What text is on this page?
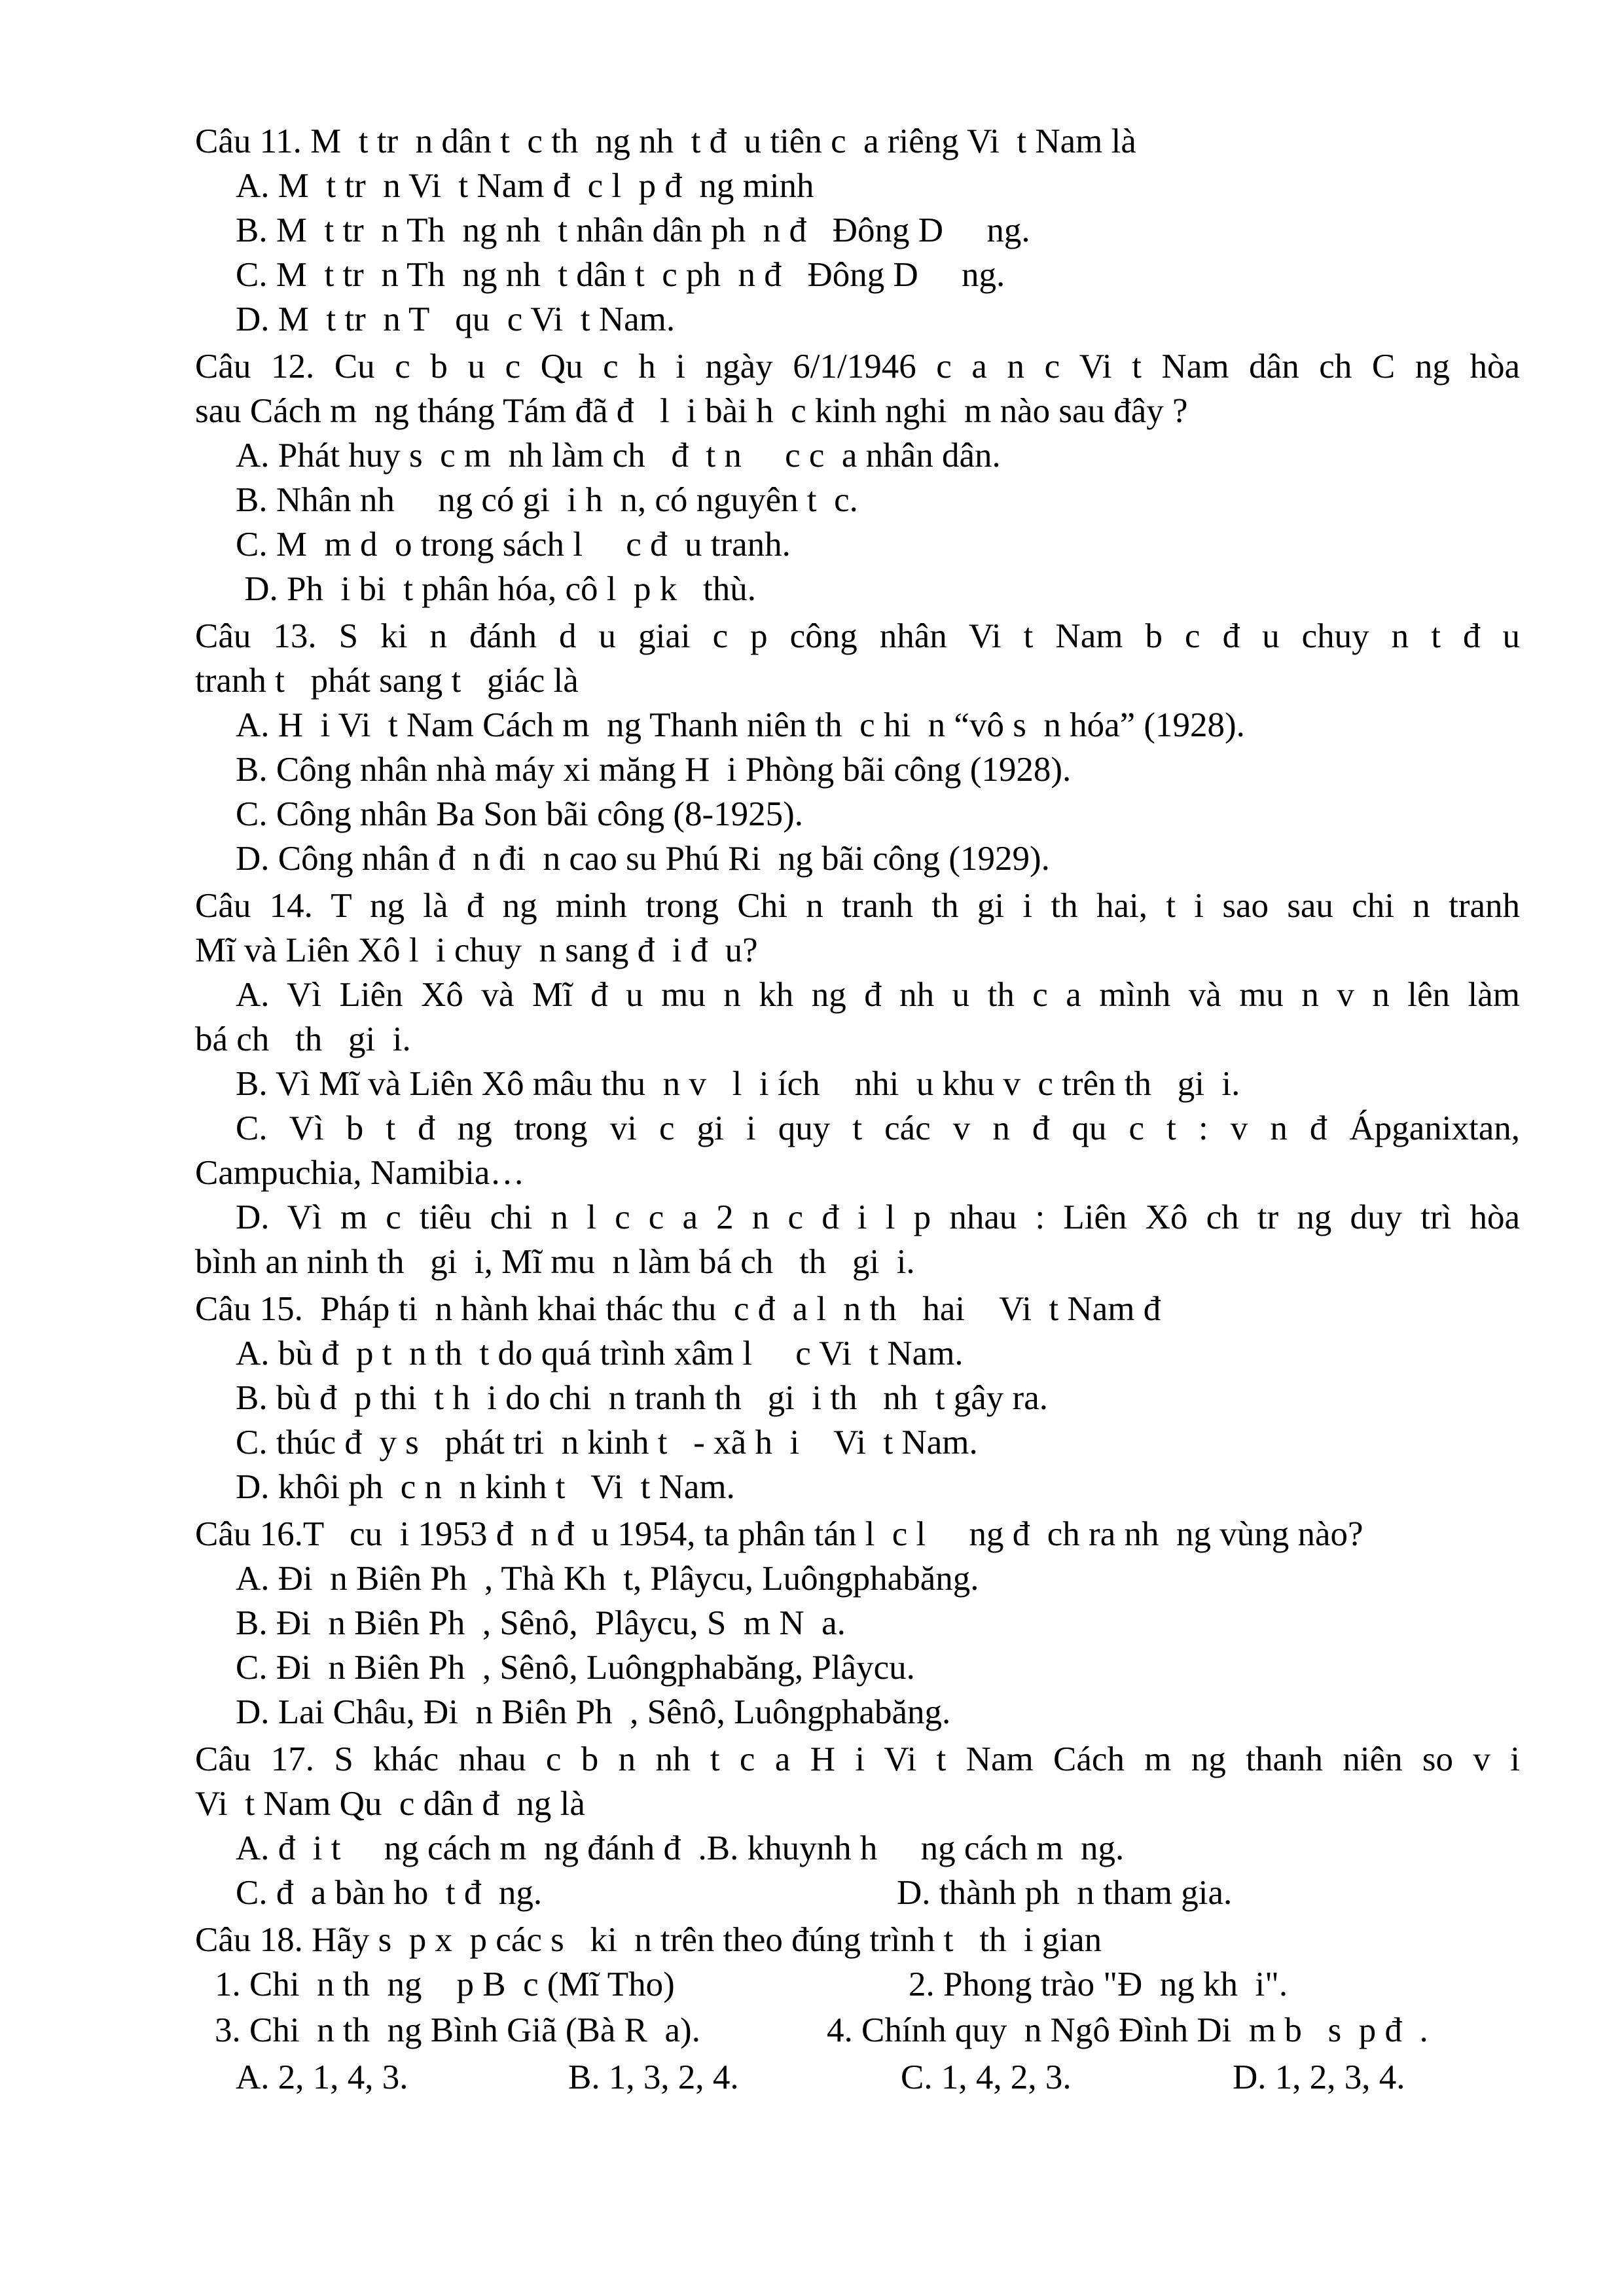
Câu 11. M  t tr  n dân t  c th  ng nh  t đ  u tiên c  a riêng Vi  t Nam là
A. M  t tr  n Vi  t Nam đ  c l  p đ  ng minh
B. M  t tr  n Th  ng nh  t nhân dân ph  n đ   Đông D     ng.
C. M  t tr  n Th  ng nh  t dân t  c ph  n đ   Đông D     ng.
D. M  t tr  n T   qu  c Vi  t Nam.
Câu 12. Cu c b u c Qu c h i ngày 6/1/1946 c a n c Vi t Nam dân ch C ng hòa
sau Cách m  ng tháng Tám đã đ   l  i bài h  c kinh nghi  m nào sau đây ?
A. Phát huy s  c m  nh làm ch   đ  t n     c c  a nhân dân.
B. Nhân nh     ng có gi  i h  n, có nguyên t  c.
C. M  m d  o trong sách l     c đ  u tranh.
D. Ph  i bi  t phân hóa, cô l  p k   thù.
Câu 13. S ki n đánh d u giai c p công nhân Vi t Nam b c đ u chuy n t đ u
tranh t   phát sang t   giác là
A. H  i Vi  t Nam Cách m  ng Thanh niên th  c hi  n “vô s  n hóa” (1928).
B. Công nhân nhà máy xi măng H  i Phòng bãi công (1928).
C. Công nhân Ba Son bãi công (8-1925).
D. Công nhân đ  n đi  n cao su Phú Ri  ng bãi công (1929).
Câu 14. T ng là đ ng minh trong Chi n tranh th gi i th hai, t i sao sau chi n tranh
Mĩ và Liên Xô l  i chuy  n sang đ  i đ  u?
A. Vì Liên Xô và Mĩ đ u mu n kh ng đ nh u th c a mình và mu n v n lên làm
bá ch   th   gi  i.
B. Vì Mĩ và Liên Xô mâu thu  n v   l  i ích    nhi  u khu v  c trên th   gi  i.
C. Vì b t đ ng trong vi c gi i quy t các v n đ qu c t : v n đ Ápganixtan,
Campuchia, Namibia…
D. Vì m c tiêu chi n l c c a 2 n c đ i l p nhau : Liên Xô ch tr ng duy trì hòa
bình an ninh th   gi  i, Mĩ mu  n làm bá ch   th   gi  i.
Câu 15.  Pháp ti  n hành khai thác thu  c đ  a l  n th   hai    Vi  t Nam đ
A. bù đ  p t  n th  t do quá trình xâm l     c Vi  t Nam.
B. bù đ  p thi  t h  i do chi  n tranh th   gi  i th   nh  t gây ra.
C. thúc đ  y s   phát tri  n kinh t   - xã h  i    Vi  t Nam.
D. khôi ph  c n  n kinh t   Vi  t Nam.
Câu 16.T   cu  i 1953 đ  n đ  u 1954, ta phân tán l  c l     ng đ  ch ra nh  ng vùng nào?
A. Đi  n Biên Ph  , Thà Kh  t, Plâycu, Luôngphabăng.
B. Đi  n Biên Ph  , Sênô,  Plâycu, S  m N  a.
C. Đi  n Biên Ph  , Sênô, Luôngphabăng, Plâycu.
D. Lai Châu, Đi  n Biên Ph  , Sênô, Luôngphabăng.
Câu 17. S khác nhau c b n nh t c a H i Vi t Nam Cách m ng thanh niên so v i
Vi  t Nam Qu  c dân đ  ng là
A. đ  i t     ng cách m  ng đánh đ  .B. khuynh h     ng cách m  ng.
C. đ  a bàn ho  t đ  ng.	D. thành ph  n tham gia.
Câu 18. Hãy s  p x  p các s   ki  n trên theo đúng trình t   th  i gian
1. Chi  n th  ng    p B  c (Mĩ Tho)	2. Phong trào "Đ  ng kh  i".
3. Chi  n th  ng Bình Giã (Bà R  a).	4. Chính quy  n Ngô Đình Di  m b   s  p đ  .
A. 2, 1, 4, 3.	B. 1, 3, 2, 4.	C. 1, 4, 2, 3.	D. 1, 2, 3, 4.
